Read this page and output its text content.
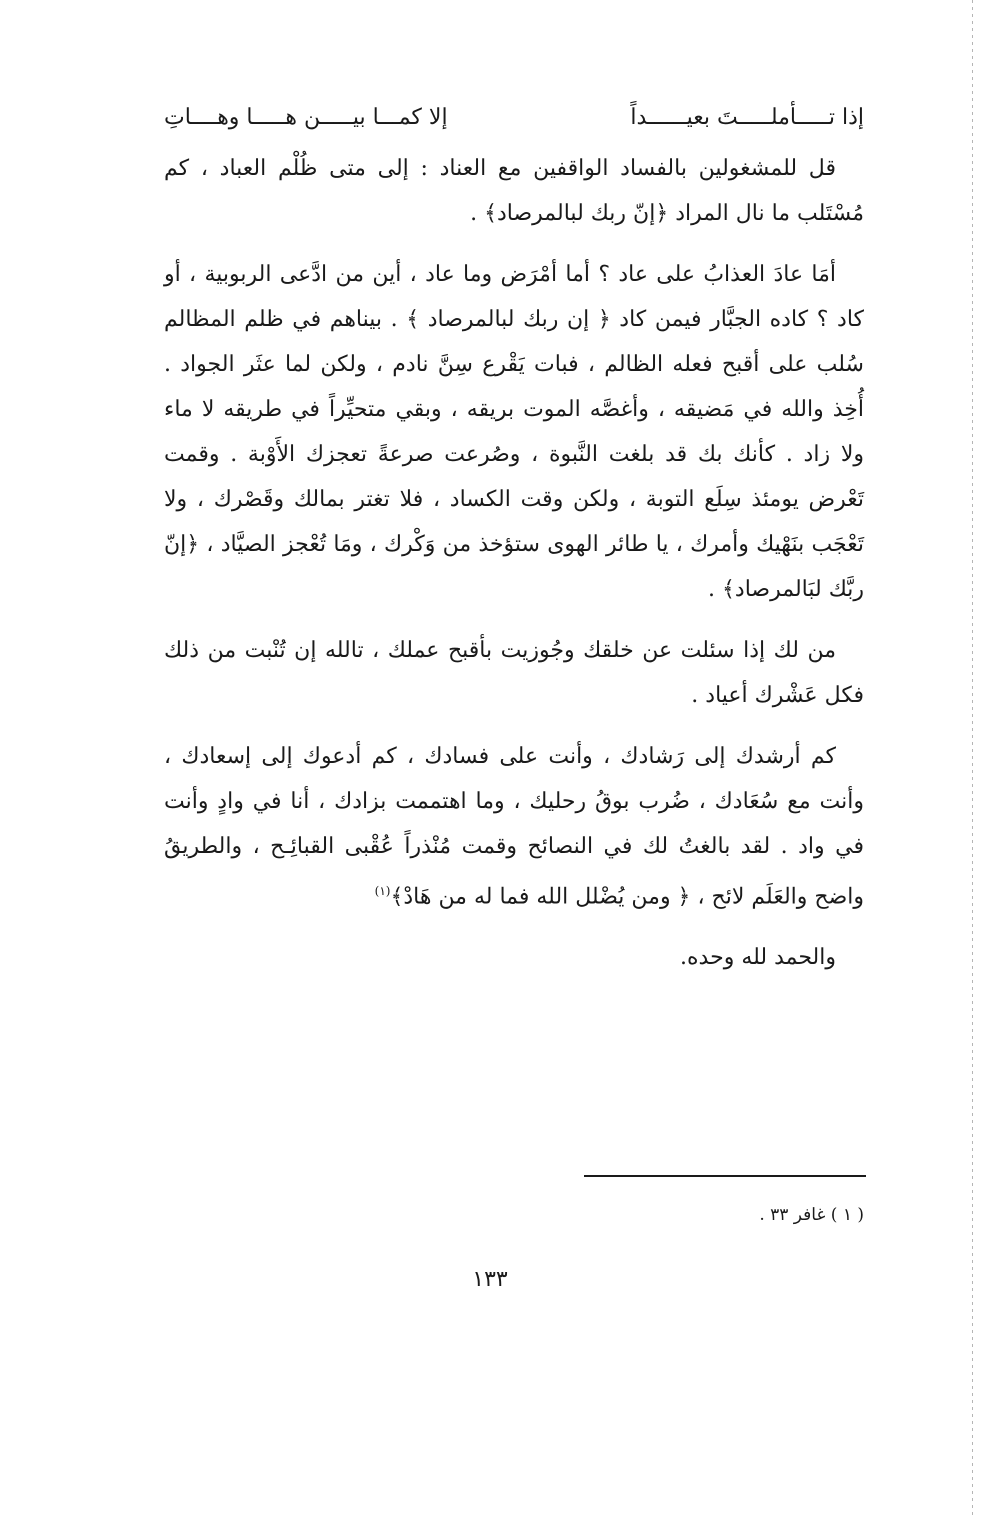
إذا تـــــأملـــــتَ بعيــــــداً
إلا كمـــا بيـــــن هـــــا وهــــاتِ

قل للمشغولين بالفساد الواقفين مع العناد : إلى متى ظُلْم العباد ، كم مُسْتَلب ما نال المراد ﴿إنّ ربك لبالمرصاد﴾ .

أمَا عادَ العذابُ على عاد ؟ أما أمْرَض وما عاد ، أين من ادَّعى الربوبية ، أو كاد ؟ كاده الجبَّار فيمن كاد ﴿ إن ربك لبالمرصاد ﴾ . بيناهم في ظلم المظالم سُلب على أقبح فعله الظالم ، فبات يَقْرع سِنَّ نادم ، ولكن لما عثَر الجواد . أُخِذ والله في مَضيقه ، وأغصَّه الموت بريقه ، وبقي متحيِّراً في طريقه لا ماء ولا زاد . كأنك بك قد بلغت النَّبوة ، وصُرعت صرعةً تعجزك الأَوْبة . وقمت تَعْرض يومئذ سِلَع التوبة ، ولكن وقت الكساد ، فلا تغتر بمالك وقَصْرك ، ولا تَعْجَب بنَهْيك وأمرك ، يا طائر الهوى ستؤخذ من وَكْرك ، ومَا تُعْجز الصيَّاد ، ﴿إنّ ربَّك لبَالمرصاد﴾ .

من لك إذا سئلت عن خلقك وجُوزيت بأقبح عملك ، تالله إن تُنْبت من ذلك فكل عَشْرك أعياد .

كم أرشدك إلى رَشادك ، وأنت على فسادك ، كم أدعوك إلى إسعادك ، وأنت مع سُعَادك ، ضُرب بوقُ رحليك ، وما اهتممت بزادك ، أنا في وادٍ وأنت في واد . لقد بالغتُ لك في النصائح وقمت مُنْذراً عُقْبى القبائِـح ، والطريقُ واضح والعَلَم لائح ، ﴿ ومن يُضْلل الله فما له من هَادْ﴾$^{(١)}$

والحمد لله وحده.

( ١ ) غافر ٣٣ .
١٣٣
